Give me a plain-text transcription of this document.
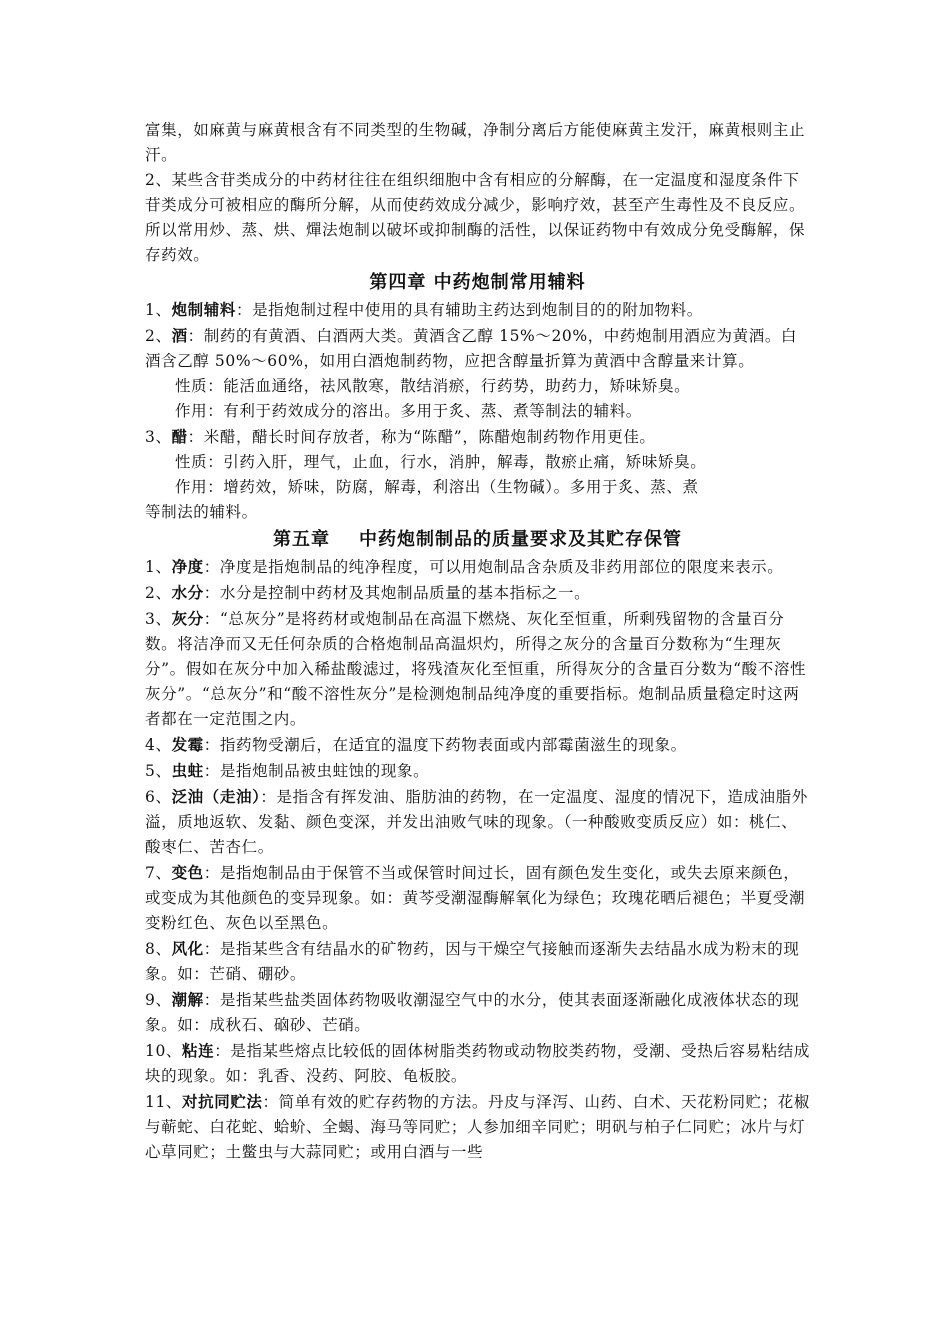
富集，如麻黄与麻黄根含有不同类型的生物碱，净制分离后方能使麻黄主发汗，麻黄根则主止汗。

2、某些含苷类成分的中药材往往在组织细胞中含有相应的分解酶，在一定温度和湿度条件下苷类成分可被相应的酶所分解，从而使药效成分减少，影响疗效，甚至产生毒性及不良反应。所以常用炒、蒸、烘、燀法炮制以破坏或抑制酶的活性，以保证药物中有效成分免受酶解，保存药效。

第四章 中药炮制常用辅料

1、炮制辅料：是指炮制过程中使用的具有辅助主药达到炮制目的的附加物料。

2、酒：制药的有黄酒、白酒两大类。黄酒含乙醇 15%～20%，中药炮制用酒应为黄酒。白酒含乙醇 50%～60%，如用白酒炮制药物，应把含醇量折算为黄酒中含醇量来计算。

性质：能活血通络，祛风散寒，散结消瘀，行药势，助药力，矫味矫臭。

作用：有利于药效成分的溶出。多用于炙、蒸、煮等制法的辅料。

3、醋：米醋，醋长时间存放者，称为“陈醋”，陈醋炮制药物作用更佳。

性质：引药入肝，理气，止血，行水，消肿，解毒，散瘀止痛，矫味矫臭。

作用：增药效，矫味，防腐，解毒，利溶出（生物碱）。多用于炙、蒸、煮

等制法的辅料。

第五章    中药炮制制品的质量要求及其贮存保管

1、净度：净度是指炮制品的纯净程度，可以用炮制品含杂质及非药用部位的限度来表示。

2、水分：水分是控制中药材及其炮制品质量的基本指标之一。

3、灰分：“总灰分”是将药材或炮制品在高温下燃烧、灰化至恒重，所剩残留物的含量百分数。将洁净而又无任何杂质的合格炮制品高温炽灼，所得之灰分的含量百分数称为“生理灰分”。假如在灰分中加入稀盐酸滤过，将残渣灰化至恒重，所得灰分的含量百分数为“酸不溶性灰分”。“总灰分”和“酸不溶性灰分”是检测炮制品纯净度的重要指标。炮制品质量稳定时这两者都在一定范围之内。

4、发霉：指药物受潮后，在适宜的温度下药物表面或内部霉菌滋生的现象。

5、虫蛀：是指炮制品被虫蛀蚀的现象。

6、泛油（走油）：是指含有挥发油、脂肪油的药物，在一定温度、湿度的情况下，造成油脂外溢，质地返软、发黏、颜色变深，并发出油败气味的现象。（一种酸败变质反应）如：桃仁、酸枣仁、苦杏仁。

7、变色：是指炮制品由于保管不当或保管时间过长，固有颜色发生变化，或失去原来颜色，或变成为其他颜色的变异现象。如：黄芩受潮湿酶解氧化为绿色；玫瑰花晒后褪色；半夏受潮变粉红色、灰色以至黑色。

8、风化：是指某些含有结晶水的矿物药，因与干燥空气接触而逐渐失去结晶水成为粉末的现象。如：芒硝、硼砂。

9、潮解：是指某些盐类固体药物吸收潮湿空气中的水分，使其表面逐渐融化成液体状态的现象。如：成秋石、硇砂、芒硝。

10、粘连：是指某些熔点比较低的固体树脂类药物或动物胶类药物，受潮、受热后容易粘结成块的现象。如：乳香、没药、阿胶、龟板胶。

11、对抗同贮法：简单有效的贮存药物的方法。丹皮与泽泻、山药、白术、天花粉同贮；花椒与蕲蛇、白花蛇、蛤蚧、全蝎、海马等同贮；人参加细辛同贮；明矾与柏子仁同贮；冰片与灯心草同贮；土鳖虫与大蒜同贮；或用白酒与一些
